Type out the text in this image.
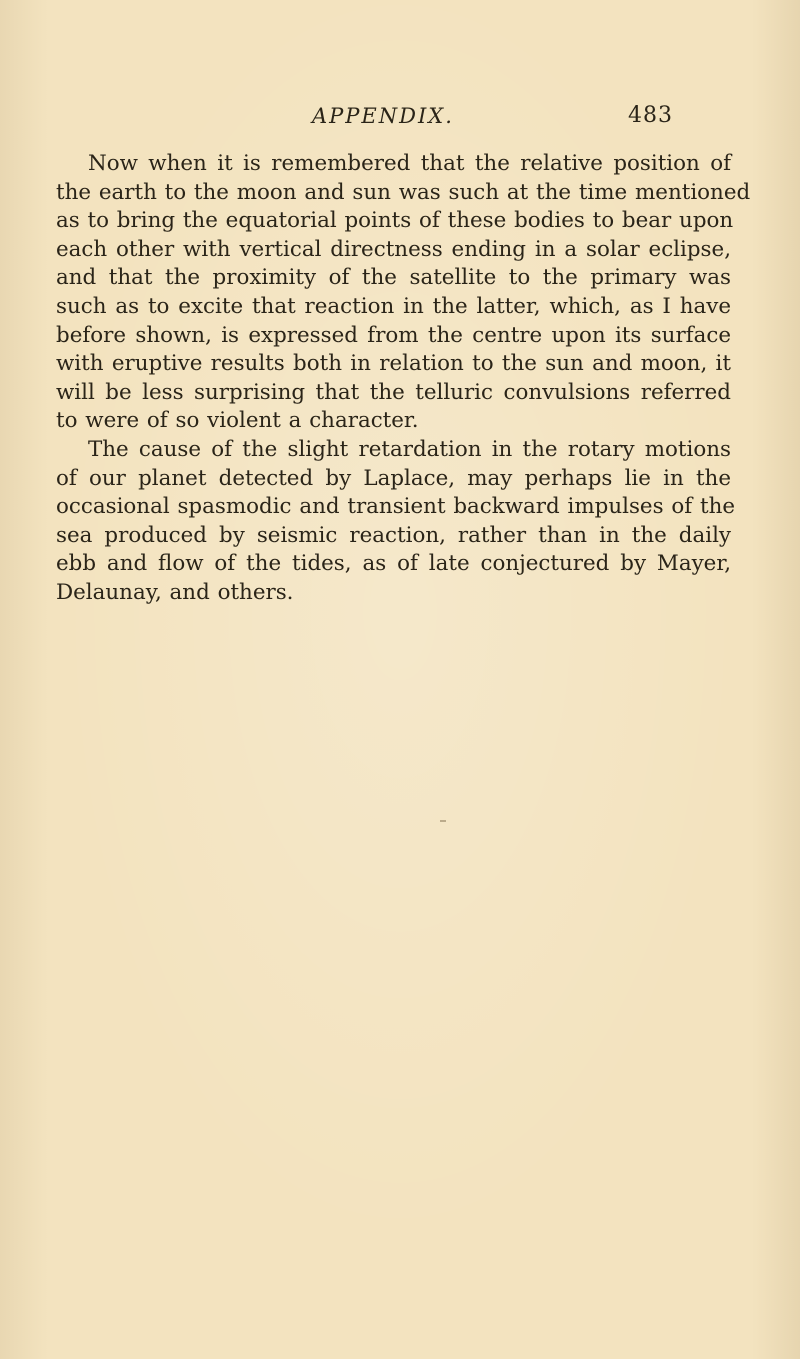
APPENDIX.	483
Now when it is remembered that the relative position of
the earth to the moon and sun was such at the time mentioned
as to bring the equatorial points of these bodies to bear upon
each other with vertical directness ending in a solar eclipse,
and that the proximity of the satellite to the primary was
such as to excite that reaction in the latter, which, as I have
before shown, is expressed from the centre upon its surface
with eruptive results both in relation to the sun and moon, it
will be less surprising that the telluric convulsions referred
to were of so violent a character.
The cause of the slight retardation in the rotary motions
of our planet detected by Laplace, may perhaps lie in the
occasional spasmodic and transient backward impulses of the
sea produced by seismic reaction, rather than in the daily
ebb and flow of the tides, as of late conjectured by Mayer,
Delaunay, and others.
